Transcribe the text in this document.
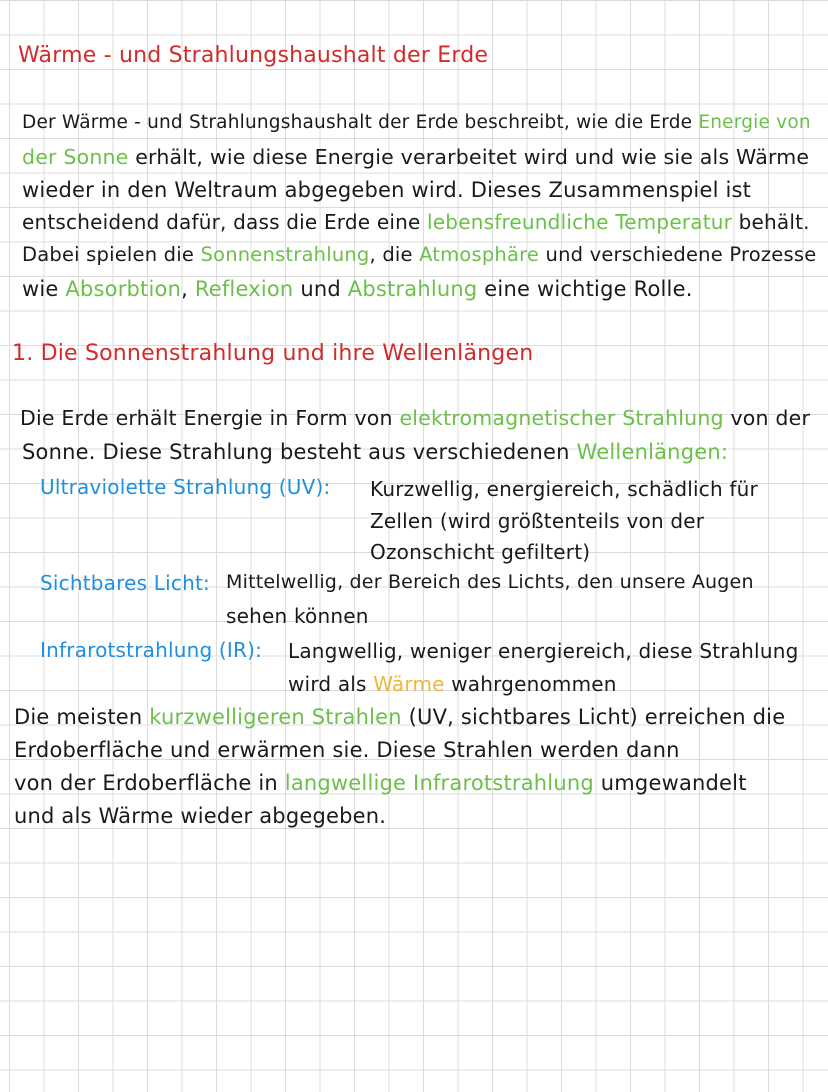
Wärme - und Strahlungshaushalt der Erde
Der Wärme - und Strahlungshaushalt der Erde beschreibt, wie die Erde Energie von
der Sonne erhält, wie diese Energie verarbeitet wird und wie sie als Wärme
wieder in den Weltraum abgegeben wird. Dieses Zusammenspiel ist
entscheidend dafür, dass die Erde eine lebensfreundliche Temperatur behält.
Dabei spielen die Sonnenstrahlung, die Atmosphäre und verschiedene Prozesse
wie Absorbtion, Reflexion und Abstrahlung eine wichtige Rolle.
1. Die Sonnenstrahlung und ihre Wellenlängen
Die Erde erhält Energie in Form von elektromagnetischer Strahlung von der
Sonne. Diese Strahlung besteht aus verschiedenen Wellenlängen:
Ultraviolette Strahlung (UV): Kurzwellig, energiereich, schädlich für
Zellen (wird größtenteils von der
Ozonschicht gefiltert)
Sichtbares Licht: Mittelwellig, der Bereich des Lichts, den unsere Augen
sehen können
Infrarotstrahlung (IR): Langwellig, weniger energiereich, diese Strahlung
wird als Wärme wahrgenommen
Die meisten kurzwelligeren Strahlen (UV, sichtbares Licht) erreichen die
Erdoberfläche und erwärmen sie. Diese Strahlen werden dann
von der Erdoberfläche in langwellige Infrarotstrahlung umgewandelt
und als Wärme wieder abgegeben.
